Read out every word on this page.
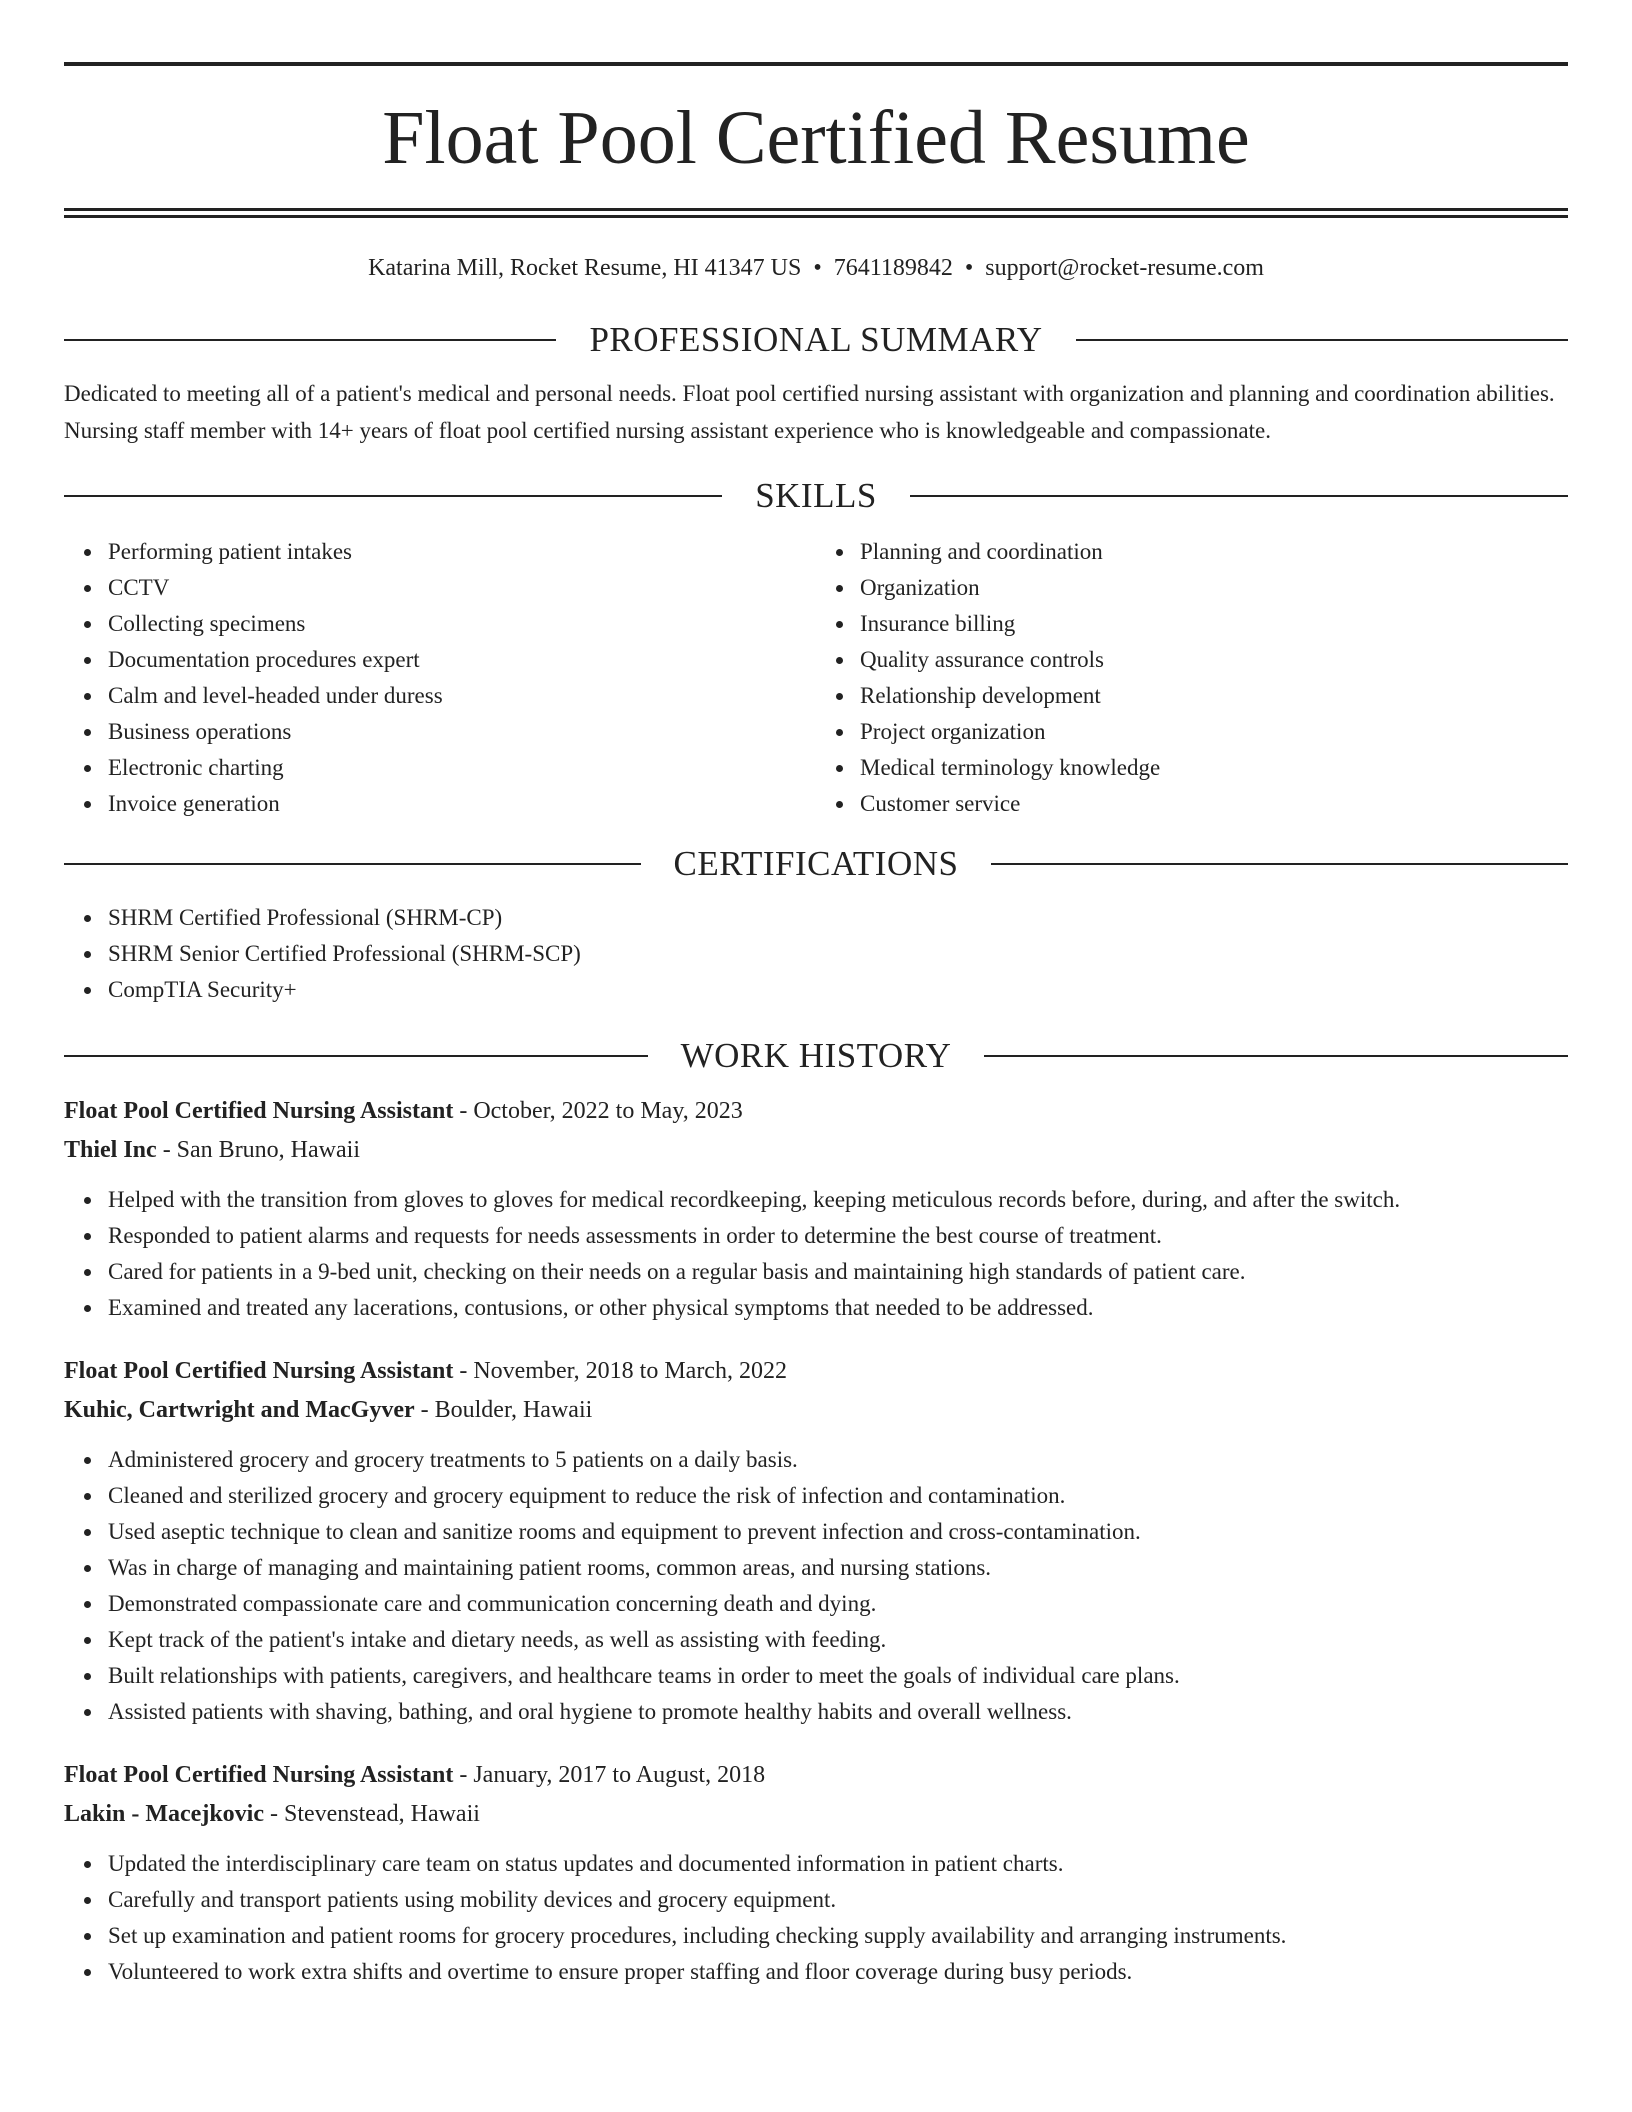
Float Pool Certified Resume
Katarina Mill, Rocket Resume, HI 41347 US • 7641189842 • support@rocket-resume.com
PROFESSIONAL SUMMARY
Dedicated to meeting all of a patient's medical and personal needs. Float pool certified nursing assistant with organization and planning and coordination abilities. Nursing staff member with 14+ years of float pool certified nursing assistant experience who is knowledgeable and compassionate.
SKILLS
Performing patient intakes
CCTV
Collecting specimens
Documentation procedures expert
Calm and level-headed under duress
Business operations
Electronic charting
Invoice generation
Planning and coordination
Organization
Insurance billing
Quality assurance controls
Relationship development
Project organization
Medical terminology knowledge
Customer service
CERTIFICATIONS
SHRM Certified Professional (SHRM-CP)
SHRM Senior Certified Professional (SHRM-SCP)
CompTIA Security+
WORK HISTORY
Float Pool Certified Nursing Assistant - October, 2022 to May, 2023
Thiel Inc - San Bruno, Hawaii
Helped with the transition from gloves to gloves for medical recordkeeping, keeping meticulous records before, during, and after the switch.
Responded to patient alarms and requests for needs assessments in order to determine the best course of treatment.
Cared for patients in a 9-bed unit, checking on their needs on a regular basis and maintaining high standards of patient care.
Examined and treated any lacerations, contusions, or other physical symptoms that needed to be addressed.
Float Pool Certified Nursing Assistant - November, 2018 to March, 2022
Kuhic, Cartwright and MacGyver - Boulder, Hawaii
Administered grocery and grocery treatments to 5 patients on a daily basis.
Cleaned and sterilized grocery and grocery equipment to reduce the risk of infection and contamination.
Used aseptic technique to clean and sanitize rooms and equipment to prevent infection and cross-contamination.
Was in charge of managing and maintaining patient rooms, common areas, and nursing stations.
Demonstrated compassionate care and communication concerning death and dying.
Kept track of the patient's intake and dietary needs, as well as assisting with feeding.
Built relationships with patients, caregivers, and healthcare teams in order to meet the goals of individual care plans.
Assisted patients with shaving, bathing, and oral hygiene to promote healthy habits and overall wellness.
Float Pool Certified Nursing Assistant - January, 2017 to August, 2018
Lakin - Macejkovic - Stevenstead, Hawaii
Updated the interdisciplinary care team on status updates and documented information in patient charts.
Carefully and transport patients using mobility devices and grocery equipment.
Set up examination and patient rooms for grocery procedures, including checking supply availability and arranging instruments.
Volunteered to work extra shifts and overtime to ensure proper staffing and floor coverage during busy periods.
